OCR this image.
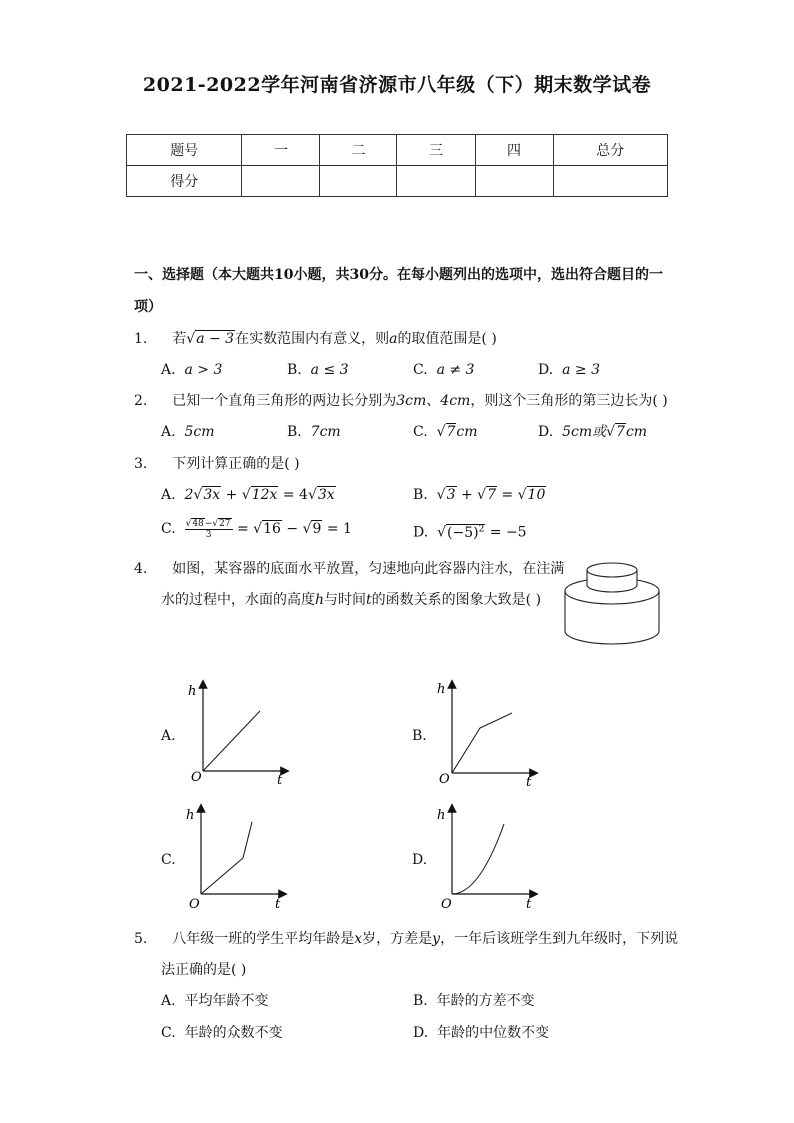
2021-2022学年河南省济源市八年级（下）期末数学试卷
题号	一	二	三	四	总分
得分					
一、选择题（本大题共10小题，共30分。在每小题列出的选项中，选出符合题目的一
项）
1. 若√a − 3在实数范围内有意义，则a的取值范围是( )
A. a > 3	B. a ≤ 3	C. a ≠ 3	D. a ≥ 3
2. 已知一个直角三角形的两边长分别为3cm、4cm，则这个三角形的第三边长为( )
A. 5cm	B. 7cm	C.  √7cm	D. 5cm或√7cm
3. 下列计算正确的是( )
A. 2√3x + √12x = 4√3x	B.  √3 + √7 = √10
C. $\frac{√48-√27}{3} = √16 - √9 = 1$	D.  $√(-5)^2 = -5$
4. 如图，某容器的底面水平放置，匀速地向此容器内注水，在注满
水的过程中，水面的高度h与时间t的函数关系的图象大致是( )
A.
h
t
O
B.
h
t
O
C.
h
t
O
D.
h
t
O
5. 八年级一班的学生平均年龄是x岁，方差是y，一年后该班学生到九年级时，下列说
法正确的是( )
A. 平均年龄不变	B. 年龄的方差不变
C. 年龄的众数不变	D. 年龄的中位数不变
